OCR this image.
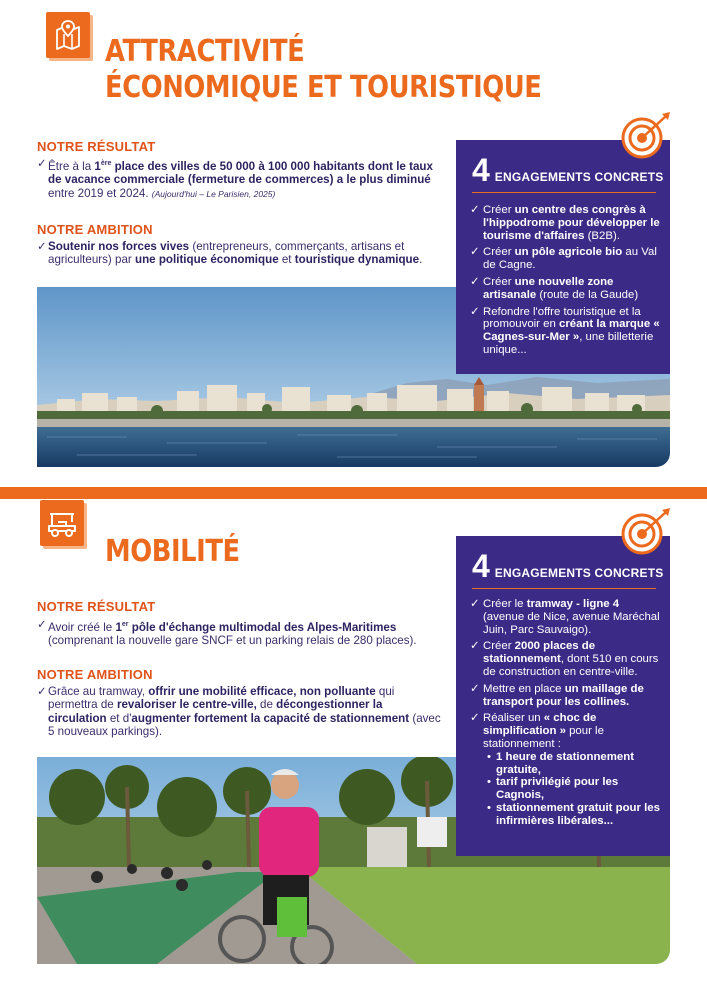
ATTRACTIVITÉ
ÉCONOMIQUE ET TOURISTIQUE
NOTRE RÉSULTAT
✓ Être à la 1ère place des villes de 50 000 à 100 000 habitants dont le taux de vacance commerciale (fermeture de commerces) a le plus diminué entre 2019 et 2024. (Aujourd'hui – Le Parisien, 2025)
NOTRE AMBITION
✓ Soutenir nos forces vives (entrepreneurs, commerçants, artisans et agriculteurs) par une politique économique et touristique dynamique.
4 ENGAGEMENTS CONCRETS
✓ Créer un centre des congrès à l'hippodrome pour développer le tourisme d'affaires (B2B).
✓ Créer un pôle agricole bio au Val de Cagne.
✓ Créer une nouvelle zone artisanale (route de la Gaude)
✓ Refondre l'offre touristique et la promouvoir en créant la marque « Cagnes-sur-Mer », une billetterie unique...
MOBILITÉ
NOTRE RÉSULTAT
✓ Avoir créé le 1er pôle d'échange multimodal des Alpes-Maritimes (comprenant la nouvelle gare SNCF et un parking relais de 280 places).
NOTRE AMBITION
✓ Grâce au tramway, offrir une mobilité efficace, non polluante qui permettra de revaloriser le centre-ville, de décongestionner la circulation et d'augmenter fortement la capacité de stationnement (avec 5 nouveaux parkings).
4 ENGAGEMENTS CONCRETS
✓ Créer le tramway - ligne 4 (avenue de Nice, avenue Maréchal Juin, Parc Sauvaigo).
✓ Créer 2000 places de stationnement, dont 510 en cours de construction en centre-ville.
✓ Mettre en place un maillage de transport pour les collines.
✓ Réaliser un « choc de simplification » pour le stationnement :
• 1 heure de stationnement gratuite,
• tarif privilégié pour les Cagnois,
• stationnement gratuit pour les infirmières libérales...
